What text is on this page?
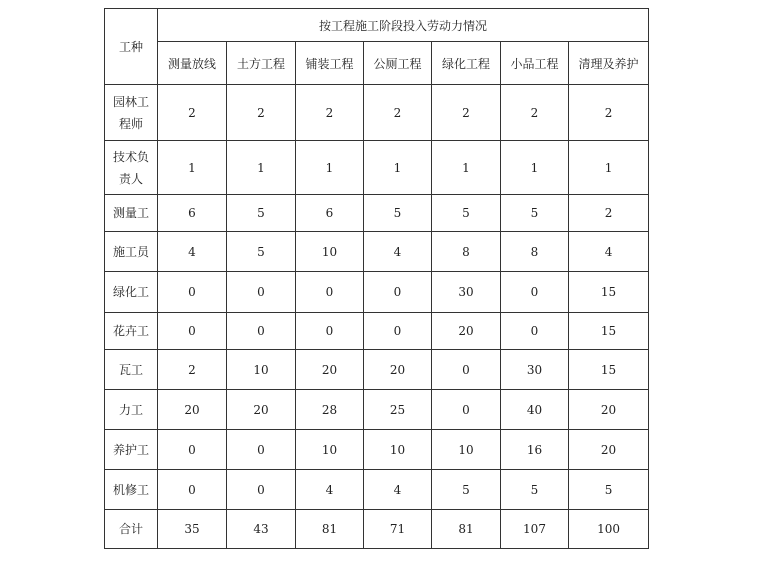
工种	按工程施工阶段投入劳动力情况						
	测量放线	土方工程	铺装工程	公厕工程	绿化工程	小品工程	清理及养护

园林工
程师	2	2	2	2	2	2	2

技术负
责人	1	1	1	1	1	1	1

测量工	6	5	6	5	5	5	2

施工员	4	5	10	4	8	8	4

绿化工	0	0	0	0	30	0	15

花卉工	0	0	0	0	20	0	15

瓦工	2	10	20	20	0	30	15

力工	20	20	28	25	0	40	20

养护工	0	0	10	10	10	16	20

机修工	0	0	4	4	5	5	5

合计	35	43	81	71	81	107	100
